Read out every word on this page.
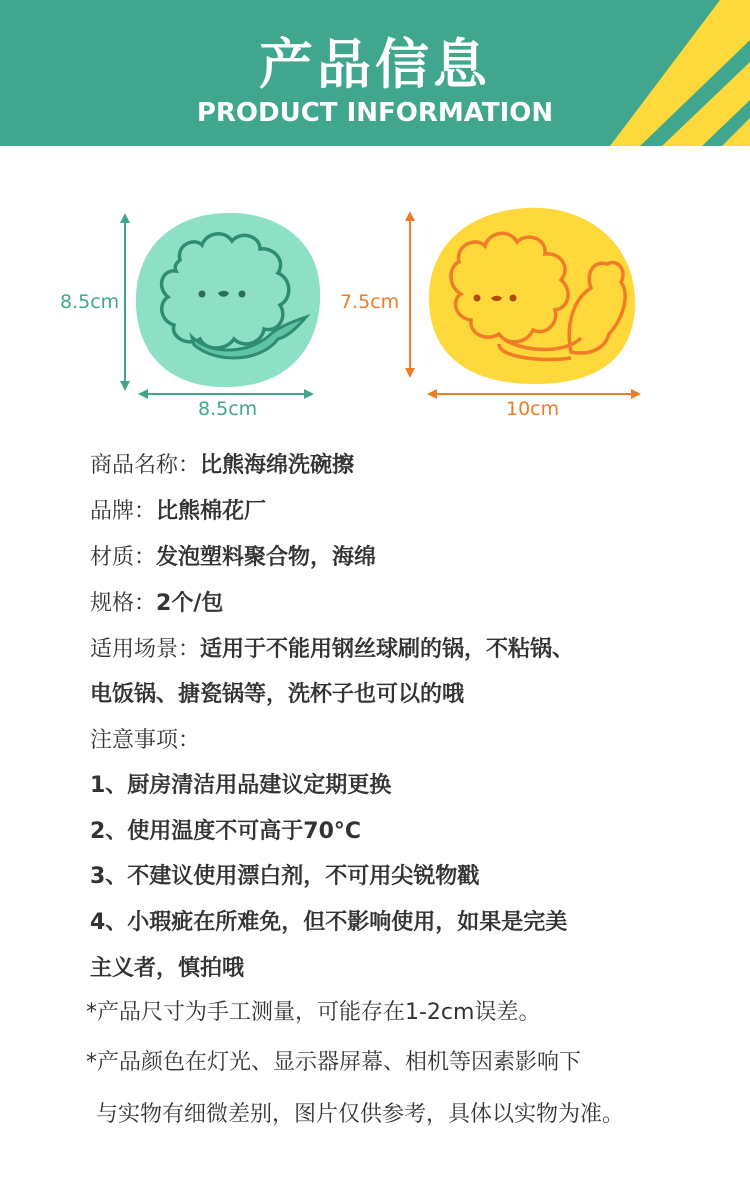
产品信息
PRODUCT INFORMATION
8.5cm
8.5cm
7.5cm
10cm
商品名称：比熊海绵洗碗擦
品牌：比熊棉花厂
材质：发泡塑料聚合物，海绵
规格：2个/包
适用场景：适用于不能用钢丝球刷的锅，不粘锅、
电饭锅、搪瓷锅等，洗杯子也可以的哦
注意事项：
1、厨房清洁用品建议定期更换
2、使用温度不可高于70°C
3、不建议使用漂白剂，不可用尖锐物戳
4、小瑕疵在所难免，但不影响使用，如果是完美
主义者，慎拍哦
*产品尺寸为手工测量，可能存在1-2cm误差。
*产品颜色在灯光、显示器屏幕、相机等因素影响下
与实物有细微差别，图片仅供参考，具体以实物为准。
